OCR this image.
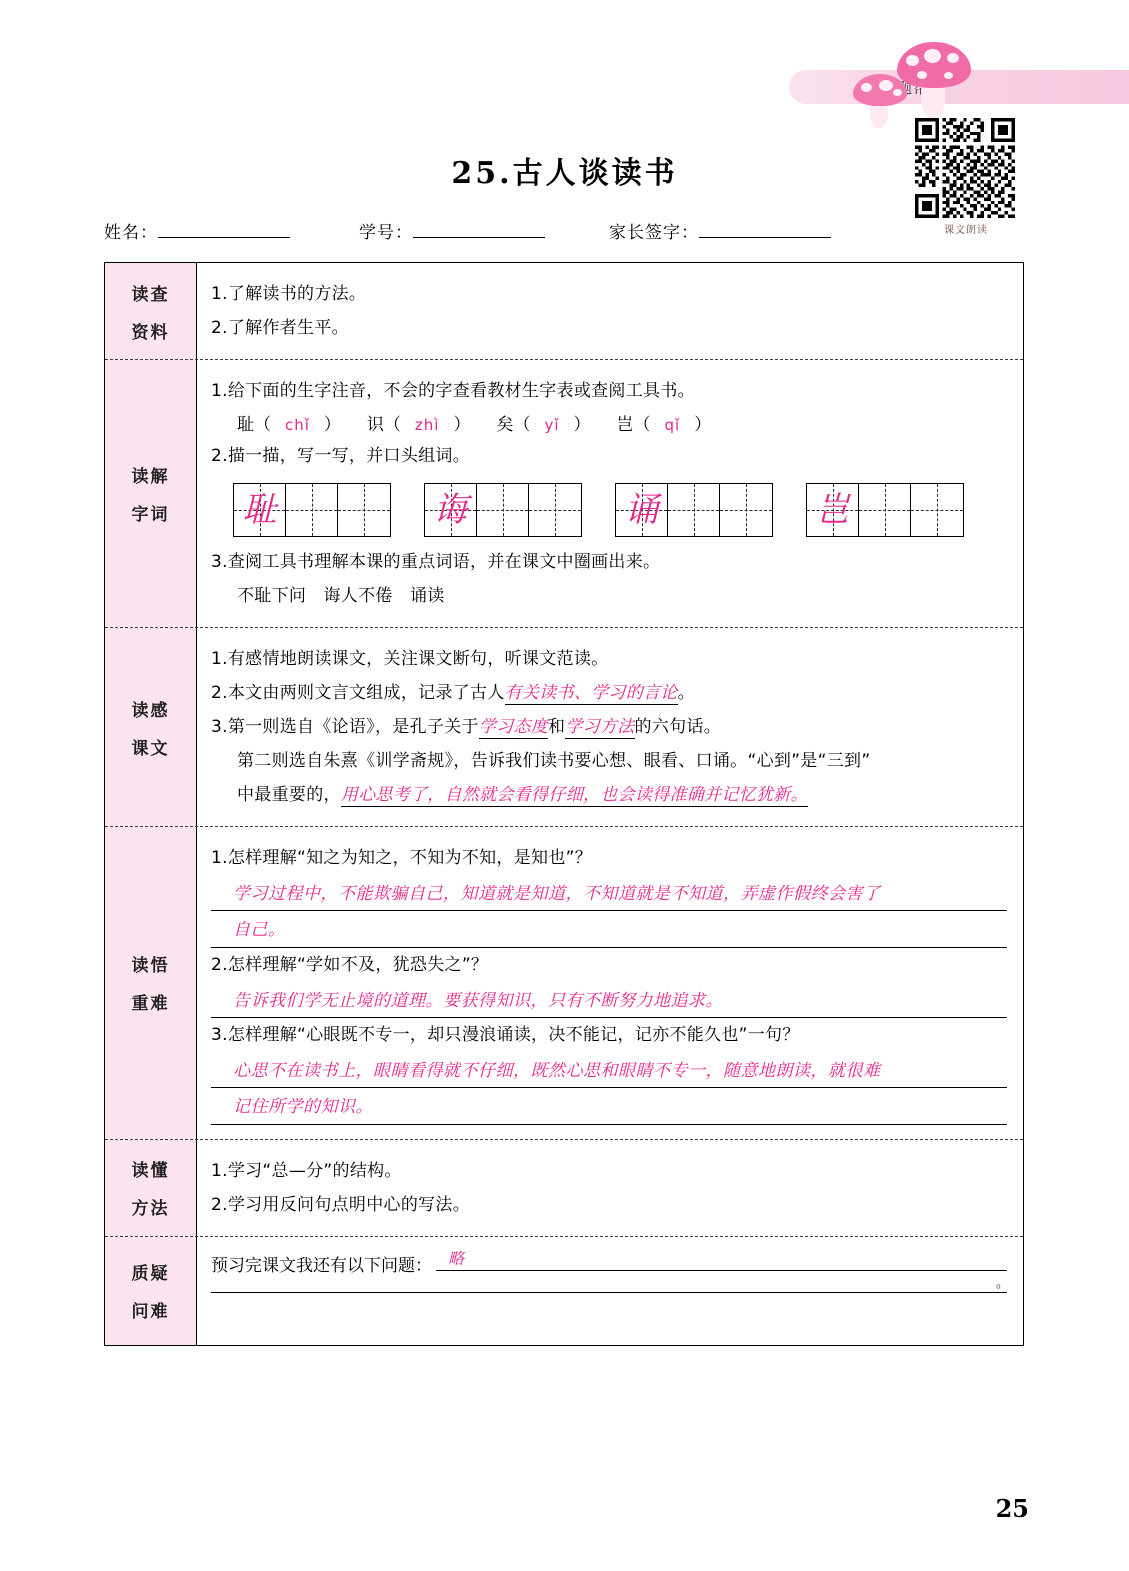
课文朗读
25.古人谈读书
姓名：	学号：	家长签字：
读查
资料
1.了解读书的方法。
2.了解作者生平。
读解
字词
1.给下面的生字注音，不会的字查看教材生字表或查阅工具书。
耻（ chǐ ） 识（ zhì ） 矣（ yǐ ） 岂（ qǐ ）
2.描一描，写一写，并口头组词。
耻	诲	诵	岂
3.查阅工具书理解本课的重点词语，并在课文中圈画出来。
不耻下问　诲人不倦　诵读
读感
课文
1.有感情地朗读课文，关注课文断句，听课文范读。
2.本文由两则文言文组成，记录了古人有关读书、学习的言论。
3.第一则选自《论语》，是孔子关于学习态度和学习方法的六句话。
第二则选自朱熹《训学斋规》，告诉我们读书要心想、眼看、口诵。“心到”是“三到”
中最重要的，用心思考了，自然就会看得仔细，也会读得准确并记忆犹新。
读悟
重难
1.怎样理解“知之为知之，不知为不知，是知也”？
学习过程中，不能欺骗自己，知道就是知道，不知道就是不知道，弄虚作假终会害了
自己。
2.怎样理解“学如不及，犹恐失之”？
告诉我们学无止境的道理。要获得知识，只有不断努力地追求。
3.怎样理解“心眼既不专一，却只漫浪诵读，决不能记，记亦不能久也”一句？
心思不在读书上，眼睛看得就不仔细，既然心思和眼睛不专一，随意地朗读，就很难
记住所学的知识。
读懂
方法
1.学习“总—分”的结构。
2.学习用反问句点明中心的写法。
质疑
问难
预习完课文我还有以下问题： 略
。
25
